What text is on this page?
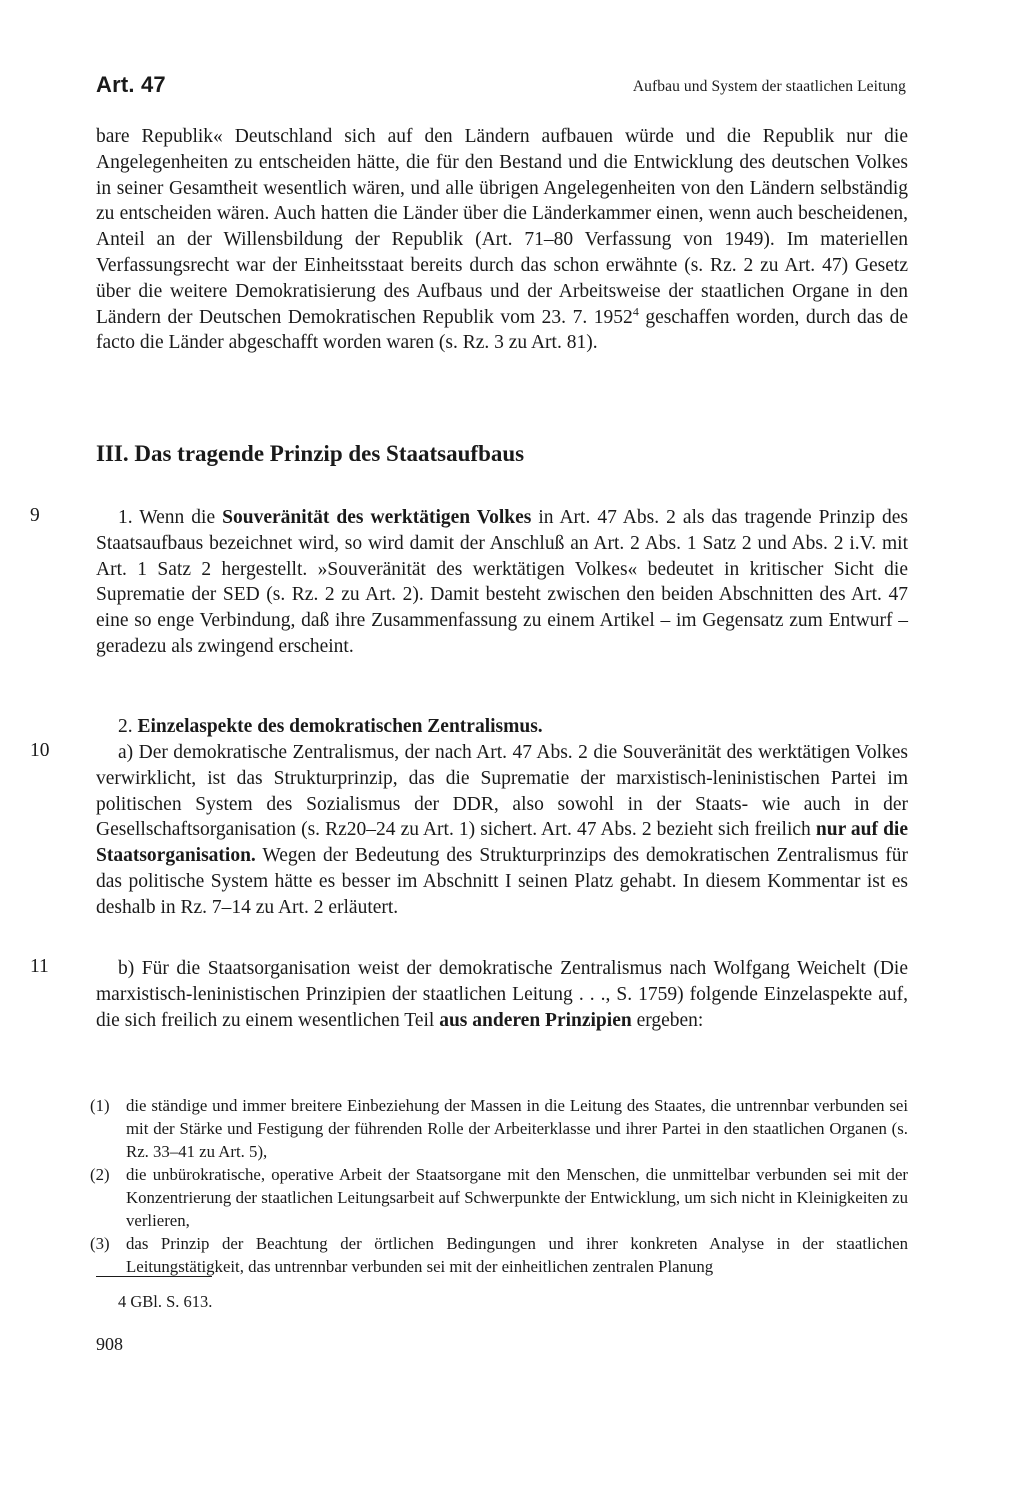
Art. 47	Aufbau und System der staatlichen Leitung

bare Republik« Deutschland sich auf den Ländern aufbauen würde und die Republik nur die Angelegenheiten zu entscheiden hätte, die für den Bestand und die Entwicklung des deutschen Volkes in seiner Gesamtheit wesentlich wären, und alle übrigen Angelegenheiten von den Ländern selbständig zu entscheiden wären. Auch hatten die Länder über die Länderkammer einen, wenn auch bescheidenen, Anteil an der Willensbildung der Republik (Art. 71–80 Verfassung von 1949). Im materiellen Verfassungsrecht war der Einheitsstaat bereits durch das schon erwähnte (s. Rz. 2 zu Art. 47) Gesetz über die weitere Demokratisierung des Aufbaus und der Arbeitsweise der staatlichen Organe in den Ländern der Deutschen Demokratischen Republik vom 23. 7. 1952$^4$ geschaffen worden, durch das de facto die Länder abgeschafft worden waren (s. Rz. 3 zu Art. 81).

III. Das tragende Prinzip des Staatsaufbaus
9	1. Wenn die Souveränität des werktätigen Volkes in Art. 47 Abs. 2 als das tragende Prinzip des Staatsaufbaus bezeichnet wird, so wird damit der Anschluß an Art. 2 Abs. 1 Satz 2 und Abs. 2 i.V. mit Art. 1 Satz 2 hergestellt. »Souveränität des werktätigen Volkes« bedeutet in kritischer Sicht die Suprematie der SED (s. Rz. 2 zu Art. 2). Damit besteht zwischen den beiden Abschnitten des Art. 47 eine so enge Verbindung, daß ihre Zusammenfassung zu einem Artikel – im Gegensatz zum Entwurf – geradezu als zwingend erscheint.

2. Einzelaspekte des demokratischen Zentralismus.

10	a) Der demokratische Zentralismus, der nach Art. 47 Abs. 2 die Souveränität des werktätigen Volkes verwirklicht, ist das Strukturprinzip, das die Suprematie der marxistisch-leninistischen Partei im politischen System des Sozialismus der DDR, also sowohl in der Staats- wie auch in der Gesellschaftsorganisation (s. Rz20–24 zu Art. 1) sichert. Art. 47 Abs. 2 bezieht sich freilich nur auf die Staatsorganisation. Wegen der Bedeutung des Strukturprinzips des demokratischen Zentralismus für das politische System hätte es besser im Abschnitt I seinen Platz gehabt. In diesem Kommentar ist es deshalb in Rz. 7–14 zu Art. 2 erläutert.

11	b) Für die Staatsorganisation weist der demokratische Zentralismus nach Wolfgang Weichelt (Die marxistisch-leninistischen Prinzipien der staatlichen Leitung . . ., S. 1759) folgende Einzelaspekte auf, die sich freilich zu einem wesentlichen Teil aus anderen Prinzipien ergeben:

(1) die ständige und immer breitere Einbeziehung der Massen in die Leitung des Staates, die untrennbar verbunden sei mit der Stärke und Festigung der führenden Rolle der Arbeiterklasse und ihrer Partei in den staatlichen Organen (s. Rz. 33–41 zu Art. 5),
(2) die unbürokratische, operative Arbeit der Staatsorgane mit den Menschen, die unmittelbar verbunden sei mit der Konzentrierung der staatlichen Leitungsarbeit auf Schwerpunkte der Entwicklung, um sich nicht in Kleinigkeiten zu verlieren,
(3) das Prinzip der Beachtung der örtlichen Bedingungen und ihrer konkreten Analyse in der staatlichen Leitungstätigkeit, das untrennbar verbunden sei mit der einheitlichen zentralen Planung
4 GBl. S. 613.
908
